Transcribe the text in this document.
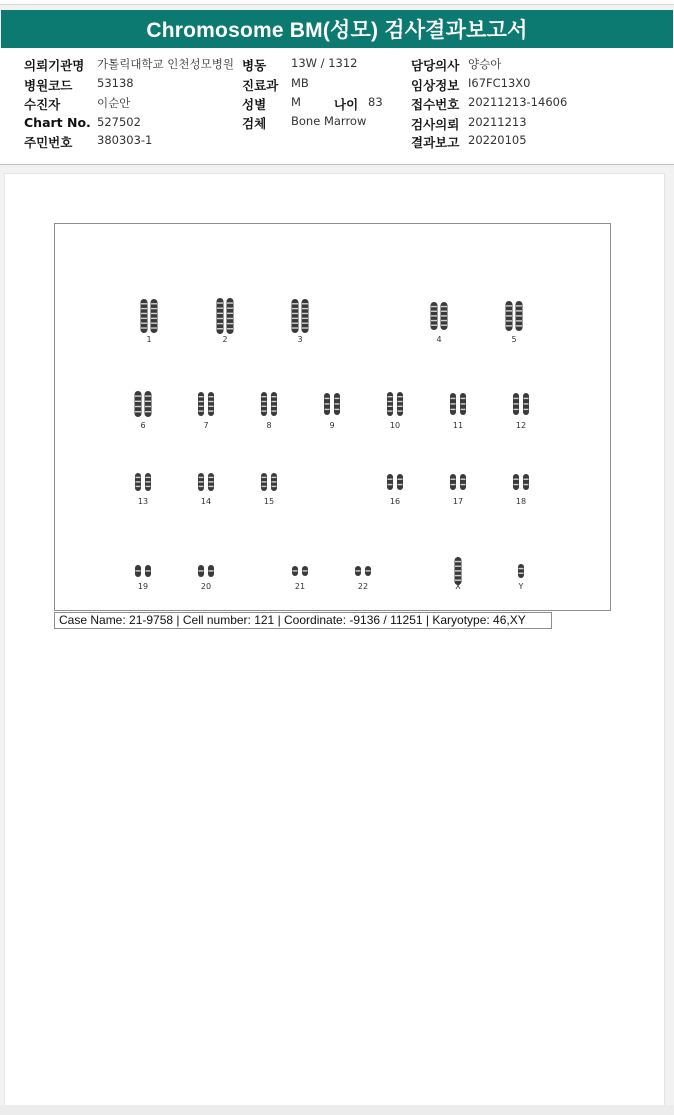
Chromosome BM(성모) 검사결과보고서
의뢰기관명 가톨릭대학교 인천성모병원
병원코드 53138
수진자	이순안
Chart No. 527502
주민번호 380303-1
병동 13W / 1312
진료과 MB
성별 M	나이 83
검체 Bone Marrow
담당의사 양승아
임상정보 I67FC13X0
접수번호 20211213-14606
검사의뢰 20211213
결과보고 20220105
1	2	3	4	5
6	7	8	9	10	11	12
13	14	15	16	17	18
19	20	21	22	X	Y
Case Name: 21-9758 | Cell number: 121 | Coordinate: -9136 / 11251 | Karyotype: 46,XY
